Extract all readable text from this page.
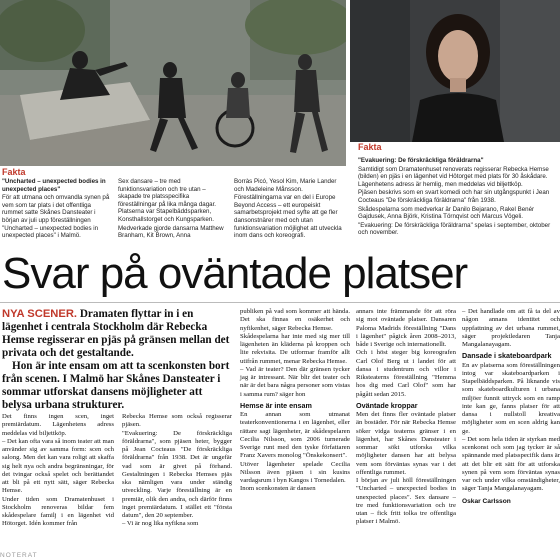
Fakta

"Uncharted – unexpected bodies in unexpected places"

För att utmana och omvandla synen på vem som tar plats i det offentliga rummet satte Skånes Dansteater i början av juli upp föreställningen "Uncharted – unexpected bodies in unexpected places" i Malmö.

Sex dansare – tre med funktionsvariation och tre utan – skapade tre platsspecifika föreställningar på lika många dagar. Platserna var Stapelbäddsparken, Konsthallstorget och Kungsparken.

Medverkade gjorde dansarna Matthew Branham, Kit Brown, Anna

Borràs Picó, Yesol Kim, Marie Lander och Madeleine Månsson.

Föreställningarna var en del i Europe Beyond Access – ett europeiskt samarbetsprojekt med syfte att ge fler dansonstnärer med och utan funktionsvariation möjlighet att utveckla inom dans och koreografi.

Fakta

"Evakuering: De förskräckliga föräldrarna"

Samtidigt som Dramatenhuset renoverats regisserar Rebecka Hemse (bilden) en pjäs i en lägenhet vid Hötorget med plats för 30 åskådare. Lägenhetens adress är hemlig, men meddelas vid biljettköp.

Pjäsen beskrivs som en svart komedi och har sin utgångspunkt i Jean Cocteaus "De förskräckliga föräldrarna" från 1938.

Skådespelarna som medverkar är Danilo Bejarano, Rakel Benér Gajdusek, Anna Björk, Kristina Törnqvist och Marcus Vögeli.

"Evakuering: De förskräckliga föräldrarna" spelas i september, oktober och november.

Svar på oväntade platser

NYA SCENER. Dramaten flyttar in i en lägenhet i centrala Stockholm där Rebecka Hemse regisserar en pjäs på gränsen mellan det privata och det gestaltande.

Hon är inte ensam om att ta scenkonsten bort från scenen. I Malmö har Skånes Dansteater i sommar utforskat dansens möjligheter att belysa urbana strukturer.

Det finns ingen scen, inget premiärdatum. Lägenhetens adress meddelas vid biljettköp.

– Det kan ofta vara så inom teater att man använder sig av samma form: scen och salong. Men det kan vara roligt att skaffa sig helt nya och andra begränsningar, för det tvingar också spelet och berättandet att bli på ett nytt sätt, säger Rebecka Hemse.

Under tiden som Dramatenhuset i Stockholm renoveras bildar fem skådespelare familj i en lägenhet vid Hötorget. Idén kommer från

Rebecka Hemse som också regisserar pjäsen.

"Evakuering: De förskräckliga föräldrarna", som pjäsen heter, bygger på Jean Cocteaus "De förskräckliga föräldrarna" från 1938. Det är ungefär vad som är givet på förhand. Gestaltningen i Rebecka Hemses pjäs ska nämligen vara under ständig utveckling. Varje föreställning är en premiär, olik den andra, och därför finns inget premiärdatum. I stället ett "första datum", den 20 september.

– Vi är nog lika nyfikna som

publiken på vad som kommer att hända. Det ska finnas en osäkerhet och nyfikenhet, säger Rebecka Hemse.

Skådespelarna har inte med sig mer till lägenheten än kläderna på kroppen och lite rekvisita. De utformar framför allt utifrån rummet, menar Rebecka Hemse.

– Vad är teater? Den där gränsen tycker jag är intressant. När blir det teater och när är det bara några personer som vistas i samma rum? säger hon

Hemse är inte ensam

En annan som utmanat teaterkonventionerna i en lägenhet, eller rättare sagt lägenheter, är skådespelaren Cecilia Nilsson, som 2006 turnerade Sverige runt med den tyske författaren Franz Xavers monolog "Önskekonsert".

Utöver lägenheter spelade Cecilia Nilsson även pjäsen i sin kusins vardagsrum i byn Kangos i Tornedalen.

Inom scenkonsten är dansen

annars inte främmande för att röra sig mot oväntade platser. Dansaren Paloma Madrids föreställning "Dans i lägenhet" pågick åren 2008–2013, både i Sverige och internationellt.

Och i höst steger big koreografen Carl Olof Berg ut i landet för att dansa i studentrum och villor i Riksteaterns föreställning "Hemma hos dig med Carl Olof" som har pågått sedan 2015.

Oväntade kroppar

Men det finns fler oväntade platser än bostäder. För när Rebecka Hemse söker vidga teaterns gränser i en lägenhet, har Skånes Dansteater i sommar sökt utforska vilka möjligheter dansen har att belysa vem som förväntas synas var i det offentliga rummet.

I början av juli höll föreställningen "Uncharted – unexpected bodies in unexpected places". Sex dansare – tre med funktionsvariation och tre utan – fick fritt tolka tre offentliga platser i Malmö.

– Det handlade om att få ta del av någon annans identitet och uppfattning av det urbana rummet, säger projektledaren Tanja Mangalanayagam.

Dansade i skateboardpark

En av platserna som föreställningen intog var skateboardparken i Stapelbäddsparken. På liknande vis som skateboardkulturen i urbana miljöer funnit uttryck som en ramp inte kan ge, fanns platser för att dansa i nullstoll kreativa möjligheter som en scen aldrig kan ge.

– Det som hela tiden är styrkan med scenkonst och som jag tycker är så spännande med platsspecifik dans är att det blir ett sätt för att utforska synen på vem som förväntas synas var och under vilka omständigheter, säger Tanja Mangalanayagam.

Oskar Carlsson
NOTERAT
